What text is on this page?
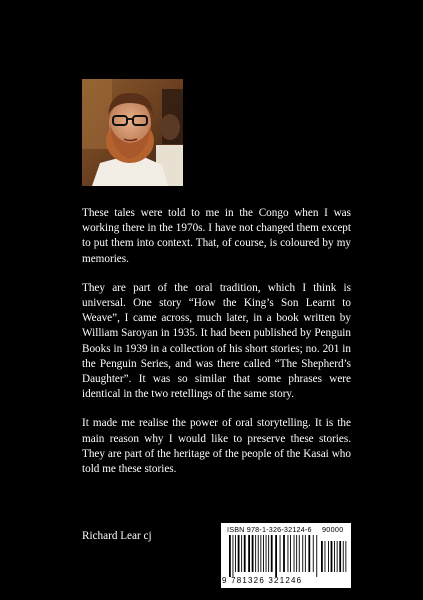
These tales were told to me in the Congo when I was working there in the 1970s. I have not changed them except to put them into context. That, of course, is coloured by my memories.

They are part of the oral tradition, which I think is universal. One story “How the King’s Son Learnt to Weave”, I came across, much later, in a book written by William Saroyan in 1935. It had been published by Penguin Books in 1939 in a collection of his short stories; no. 201 in the Penguin Series, and was there called “The Shepherd’s Daughter”. It was so similar that some phrases were identical in the two retellings of the same story.

It made me realise the power of oral storytelling. It is the main reason why I would like to preserve these stories. They are part of the heritage of the people of the Kasai who told me these stories.

Richard Lear cj
ISBN 978-1-326-32124-6 90000
9 781326 321246
